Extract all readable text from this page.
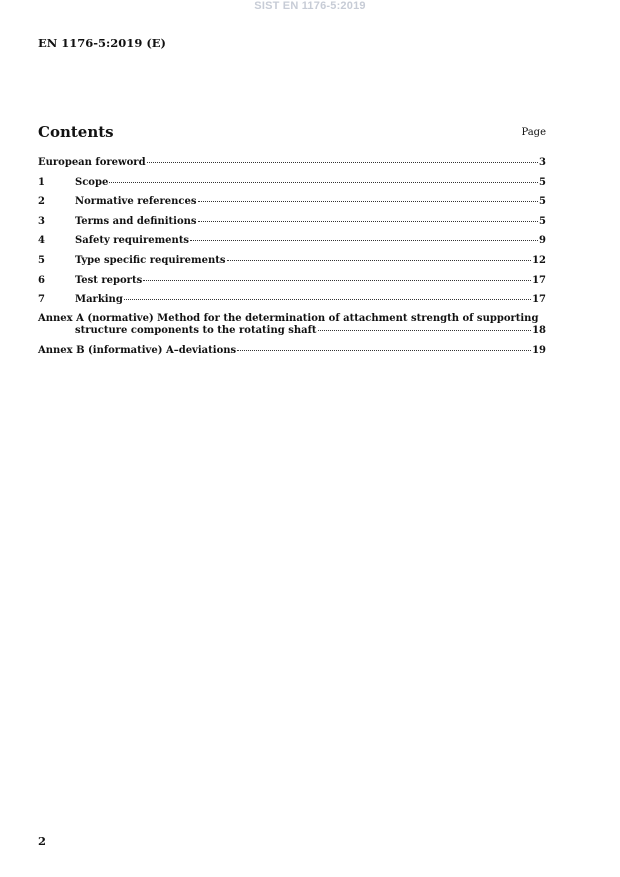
SIST EN 1176-5:2019
EN 1176-5:2019 (E)
Contents	Page
European foreword	3
1	Scope	5
2	Normative references	5
3	Terms and definitions	5
4	Safety requirements	9
5	Type specific requirements	12
6	Test reports	17
7	Marking	17
Annex A (normative) Method for the determination of attachment strength of supporting
structure components to the rotating shaft	18
Annex B (informative) A–deviations	19
2
